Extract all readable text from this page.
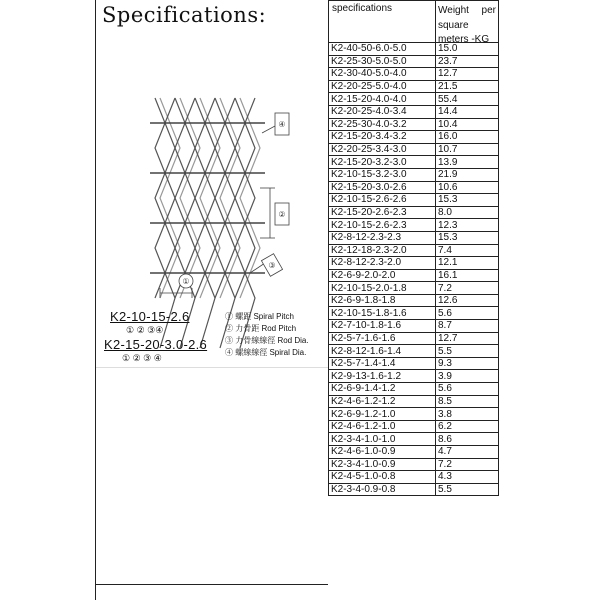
Specifications:
①
④
②
③
K2-10-15-2.6
① ② ③④
K2-15-20-3.0-2.6
① ② ③ ④
① 螺距 Spiral Pitch
② 力骨距 Rod Pitch
③ 力骨線線徑 Rod Dia.
④ 螺線線徑 Spiral Dia.

K2-40-50-6.0-5.0	15.0
K2-25-30-5.0-5.0	23.7
K2-30-40-5.0-4.0	12.7
K2-20-25-5.0-4.0	21.5
K2-15-20-4.0-4.0	55.4
K2-20-25-4.0-3.4	14.4
K2-25-30-4.0-3.2	10.4
K2-15-20-3.4-3.2	16.0
K2-20-25-3.4-3.0	10.7
K2-15-20-3.2-3.0	13.9
K2-10-15-3.2-3.0	21.9
K2-15-20-3.0-2.6	10.6
K2-10-15-2.6-2.6	15.3
K2-15-20-2.6-2.3	8.0
K2-10-15-2.6-2.3	12.3
K2-8-12-2.3-2.3	15.3
K2-12-18-2.3-2.0	7.4
K2-8-12-2.3-2.0	12.1
K2-6-9-2.0-2.0	16.1
K2-10-15-2.0-1.8	7.2
K2-6-9-1.8-1.8	12.6
K2-10-15-1.8-1.6	5.6
K2-7-10-1.8-1.6	8.7
K2-5-7-1.6-1.6	12.7
K2-8-12-1.6-1.4	5.5
K2-5-7-1.4-1.4	9.3
K2-9-13-1.6-1.2	3.9
K2-6-9-1.4-1.2	5.6
K2-4-6-1.2-1.2	8.5
K2-6-9-1.2-1.0	3.8
K2-4-6-1.2-1.0	6.2
K2-3-4-1.0-1.0	8.6
K2-4-6-1.0-0.9	4.7
K2-3-4-1.0-0.9	7.2
K2-4-5-1.0-0.8	4.3
K2-3-4-0.9-0.8	5.5
specifications	Weight per
square
meters -KG
